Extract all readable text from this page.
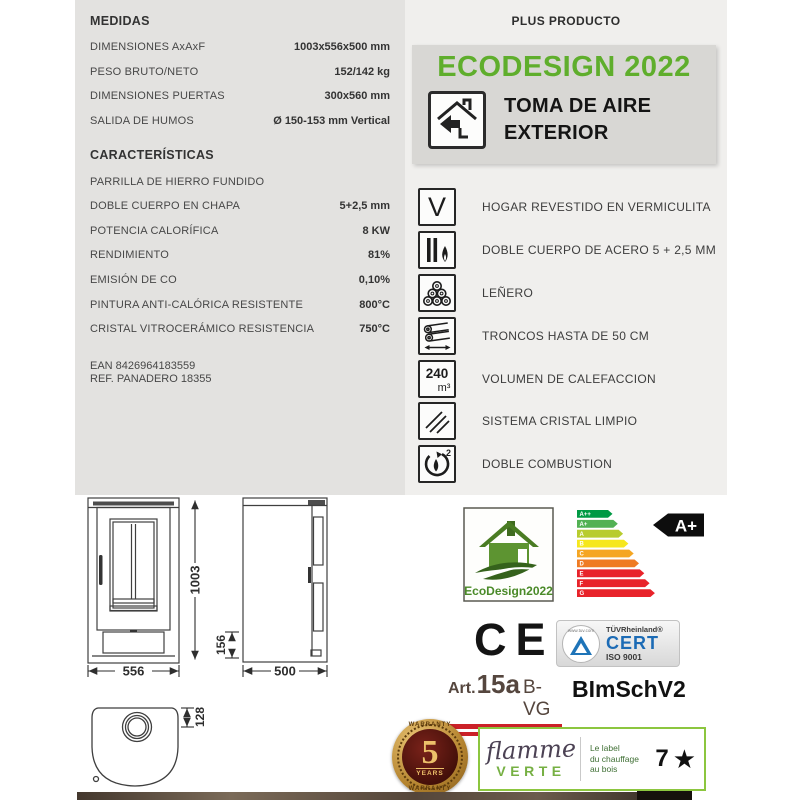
MEDIDAS
DIMENSIONES AxAxF	1003x556x500 mm
PESO BRUTO/NETO	152/142 kg
DIMENSIONES PUERTAS	300x560 mm
SALIDA DE HUMOS	Ø 150-153 mm Vertical
CARACTERÍSTICAS
PARRILLA DE HIERRO FUNDIDO
DOBLE CUERPO EN CHAPA	5+2,5 mm
POTENCIA CALORÍFICA	8 KW
RENDIMIENTO	81%
EMISIÓN DE CO	0,10%
PINTURA ANTI-CALÓRICA RESISTENTE	800°C
CRISTAL VITROCERÁMICO RESISTENCIA	750°C
EAN 8426964183559
REF. PANADERO 18355
PLUS PRODUCTO
ECODESIGN 2022
TOMA DE AIRE
EXTERIOR
V	HOGAR REVESTIDO EN VERMICULITA
DOBLE CUERPO DE ACERO 5 + 2,5 MM
LEÑERO
TRONCOS HASTA DE 50 CM
240
m³
VOLUMEN DE CALEFACCION
SISTEMA CRISTAL LIMPIO
2
DOBLE COMBUSTION
556
1003
156
500
128
EcoDesign2022
A++
A+
A
B
C
D
E
F
G
A+
CE	www.tuv.com	TÜVRheinland®
CERT
ISO 9001
Art. 15a B-VG
BImSchV2
WARRANTY
5
YEARS
WARRANTY
flamme
VERTE
Le label
du chauffage
au bois	7 ★
